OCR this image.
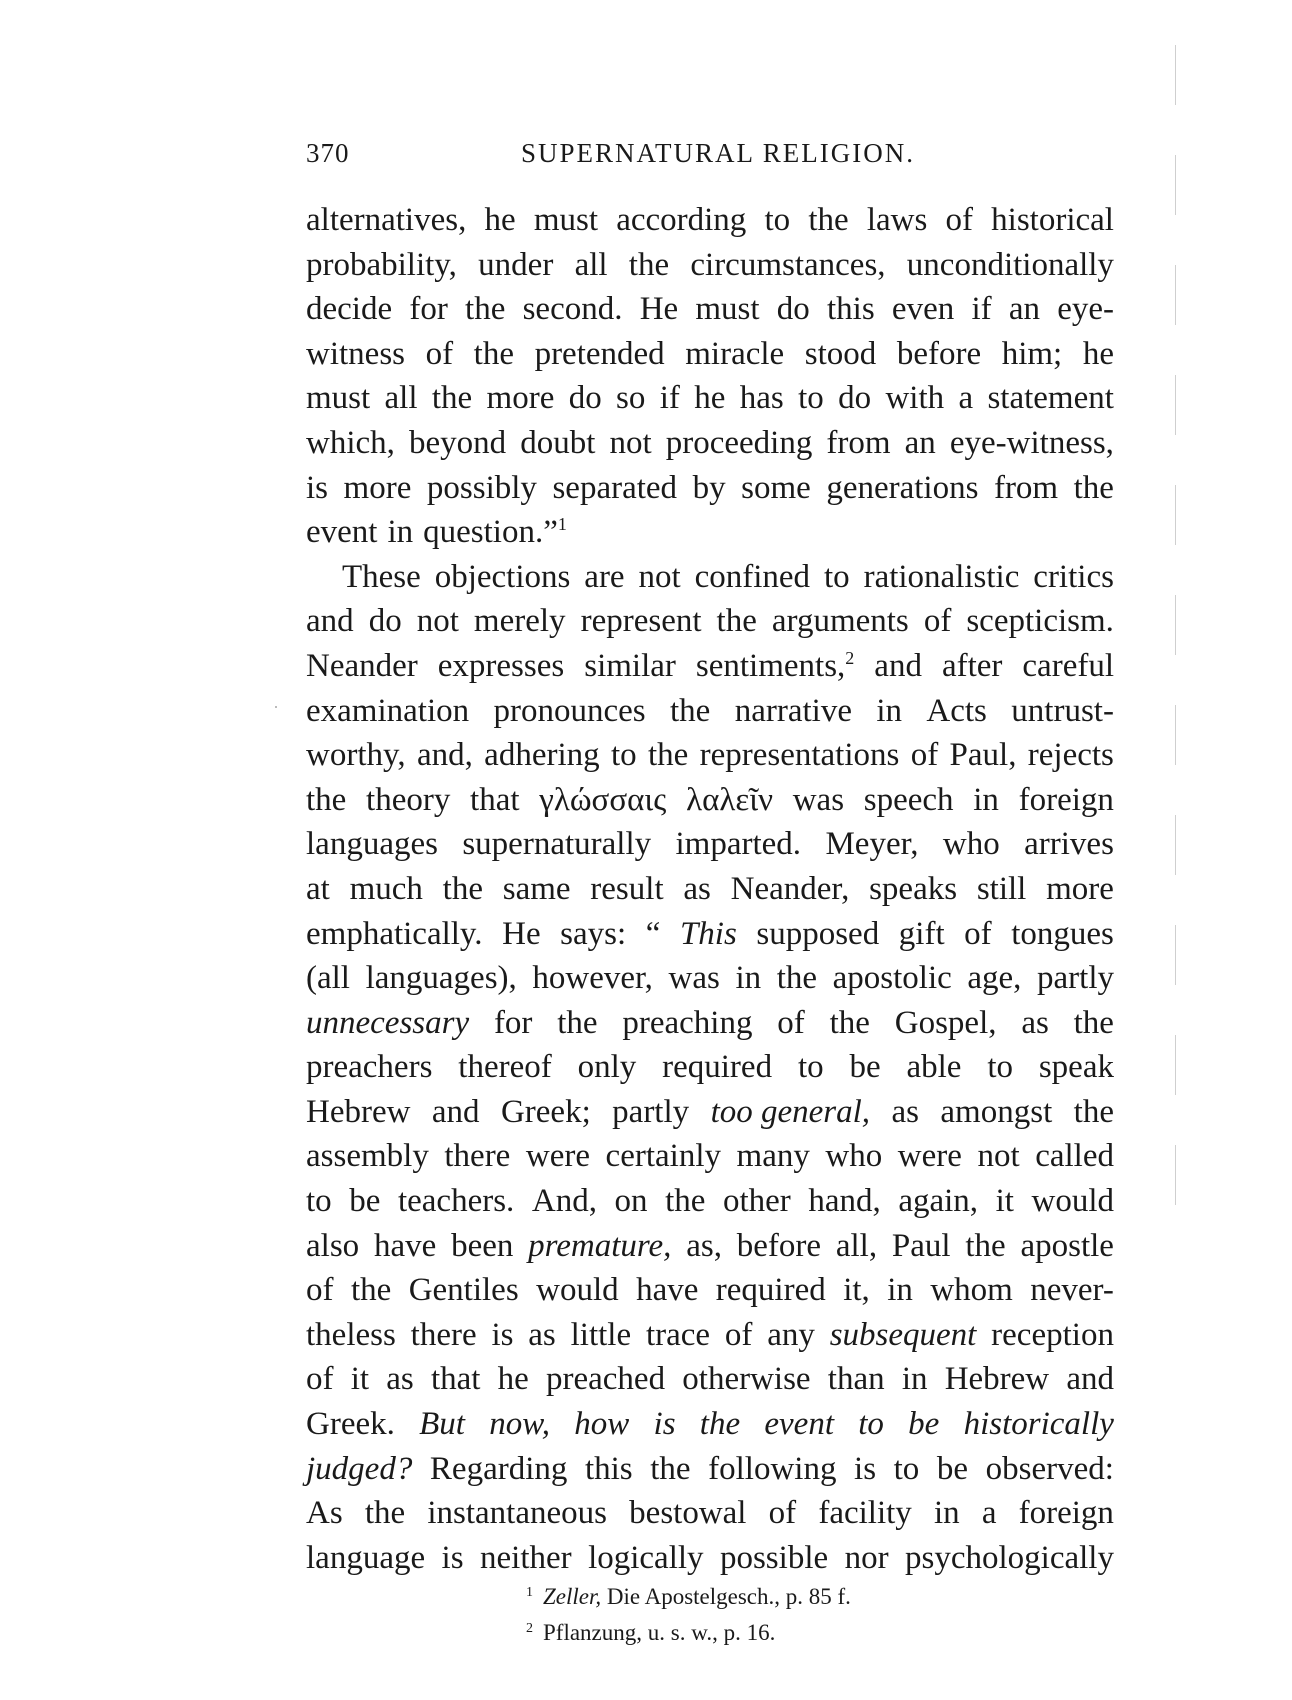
370	SUPERNATURAL RELIGION.
alternatives, he must according to the laws of historical
probability, under all the circumstances, unconditionally
decide for the second. He must do this even if an eye-
witness of the pretended miracle stood before him; he
must all the more do so if he has to do with a statement
which, beyond doubt not proceeding from an eye-witness,
is more possibly separated by some generations from the
event in question.”$^1$
These objections are not confined to rationalistic critics
and do not merely represent the arguments of scepticism.
Neander expresses similar sentiments,$^2$ and after careful
examination pronounces the narrative in Acts untrust-
worthy, and, adhering to the representations of Paul, rejects
the theory that γλώσσαις λαλεῖν was speech in foreign
languages supernaturally imparted. Meyer, who arrives
at much the same result as Neander, speaks still more
emphatically. He says: “ This supposed gift of tongues
(all languages), however, was in the apostolic age, partly
unnecessary for the preaching of the Gospel, as the
preachers thereof only required to be able to speak
Hebrew and Greek; partly too general, as amongst the
assembly there were certainly many who were not called
to be teachers. And, on the other hand, again, it would
also have been premature, as, before all, Paul the apostle
of the Gentiles would have required it, in whom never-
theless there is as little trace of any subsequent reception
of it as that he preached otherwise than in Hebrew and
Greek. But now, how is the event to be historically
judged? Regarding this the following is to be observed:
As the instantaneous bestowal of facility in a foreign
language is neither logically possible nor psychologically
$^1$ Zeller, Die Apostelgesch., p. 85 f.
$^2$ Pflanzung, u. s. w., p. 16.
